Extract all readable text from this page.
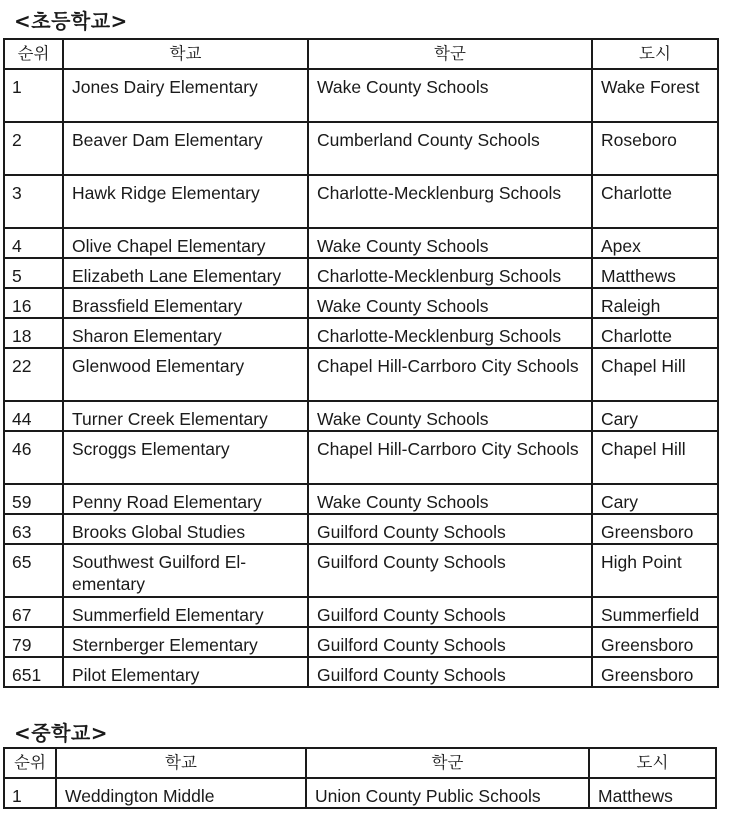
<초등학교>
순위	학교	학군	도시
1	Jones Dairy Elementary	Wake County Schools	Wake Forest
2	Beaver Dam Elementary	Cumberland County Schools	Roseboro
3	Hawk Ridge Elementary	Charlotte-Mecklenburg Schools	Charlotte
4	Olive Chapel Elementary	Wake County Schools	Apex
5	Elizabeth Lane Elementary	Charlotte-Mecklenburg Schools	Matthews
16	Brassfield Elementary	Wake County Schools	Raleigh
18	Sharon Elementary	Charlotte-Mecklenburg Schools	Charlotte
22	Glenwood Elementary	Chapel Hill-Carrboro City Schools	Chapel Hill
44	Turner Creek Elementary	Wake County Schools	Cary
46	Scroggs Elementary	Chapel Hill-Carrboro City Schools	Chapel Hill
59	Penny Road Elementary	Wake County Schools	Cary
63	Brooks Global Studies	Guilford County Schools	Greensboro
65	Southwest Guilford El-ementary	Guilford County Schools	High Point
67	Summerfield Elementary	Guilford County Schools	Summerfield
79	Sternberger Elementary	Guilford County Schools	Greensboro
651	Pilot Elementary	Guilford County Schools	Greensboro
<중학교>
순위	학교	학군	도시
1	Weddington Middle	Union County Public Schools	Matthews
